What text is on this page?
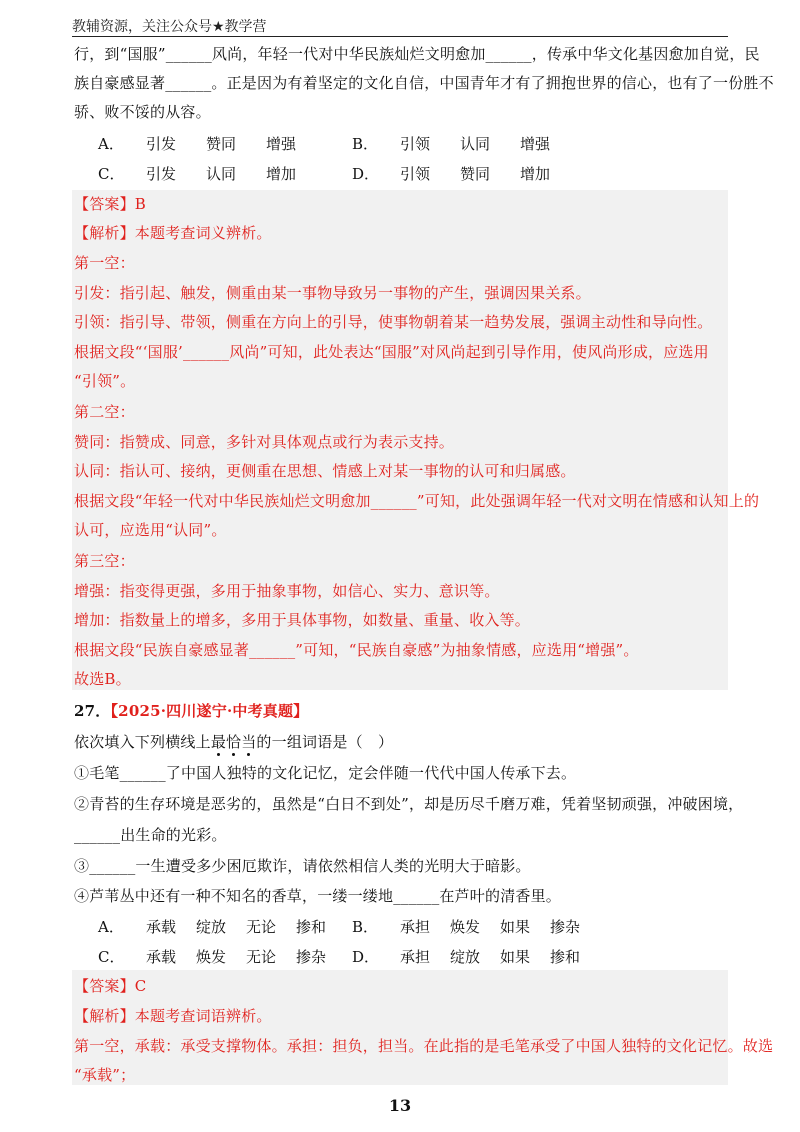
教辅资源，关注公众号★教学营
行，到“国服”______风尚，年轻一代对中华民族灿烂文明愈加______，传承中华文化基因愈加自觉，民
族自豪感显著______。正是因为有着坚定的文化自信，中国青年才有了拥抱世界的信心，也有了一份胜不
骄、败不馁的从容。
A． 引发 赞同 增强	B． 引领 认同 增强
C． 引发 认同 增加	D． 引领 赞同 增加
【答案】B
【解析】本题考查词义辨析。
第一空：
引发：指引起、触发，侧重由某一事物导致另一事物的产生，强调因果关系。
引领：指引导、带领，侧重在方向上的引导，使事物朝着某一趋势发展，强调主动性和导向性。
根据文段“‘国服’______风尚”可知，此处表达“国服”对风尚起到引导作用，使风尚形成，应选用
“引领”。
第二空：
赞同：指赞成、同意，多针对具体观点或行为表示支持。
认同：指认可、接纳，更侧重在思想、情感上对某一事物的认可和归属感。
根据文段“年轻一代对中华民族灿烂文明愈加______”可知，此处强调年轻一代对文明在情感和认知上的
认可，应选用“认同”。
第三空：
增强：指变得更强，多用于抽象事物，如信心、实力、意识等。
增加：指数量上的增多，多用于具体事物，如数量、重量、收入等。
根据文段“民族自豪感显著______”可知，“民族自豪感”为抽象情感，应选用“增强”。
故选B。
27．【2025·四川遂宁·中考真题】
依次填入下列横线上最恰当的一组词语是（　）
①毛笔______了中国人独特的文化记忆，定会伴随一代代中国人传承下去。
②青苔的生存环境是恶劣的，虽然是“白日不到处”，却是历尽千磨万难，凭着坚韧顽强，冲破困境，
______出生命的光彩。
③______一生遭受多少困厄欺诈，请依然相信人类的光明大于暗影。
④芦苇丛中还有一种不知名的香草，一缕一缕地______在芦叶的清香里。
A． 承载 绽放 无论 掺和 B． 承担 焕发 如果 掺杂
C． 承载 焕发 无论 掺杂 D． 承担 绽放 如果 掺和
【答案】C
【解析】本题考查词语辨析。
第一空，承载：承受支撑物体。承担：担负，担当。在此指的是毛笔承受了中国人独特的文化记忆。故选
“承载”；
13
